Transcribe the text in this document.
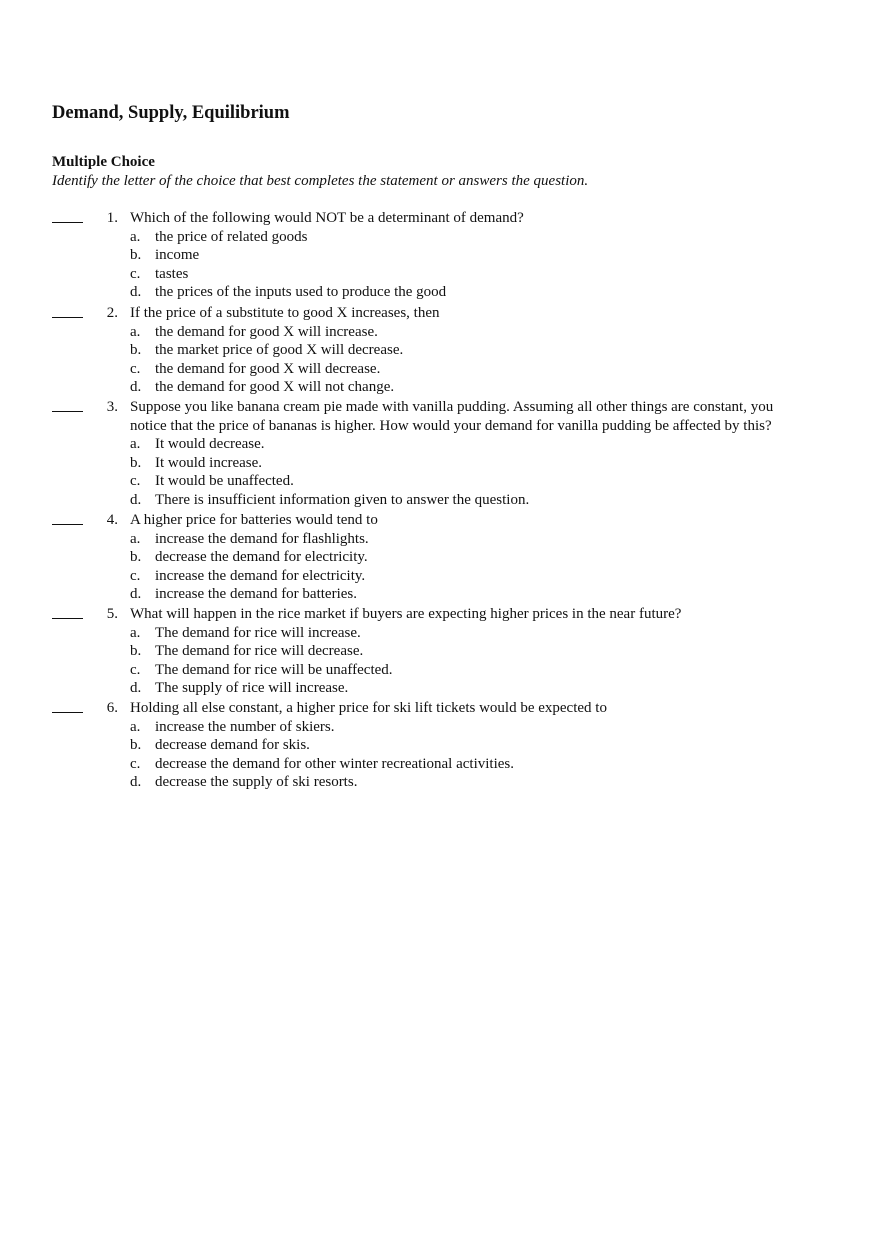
Demand, Supply, Equilibrium
Multiple Choice
Identify the letter of the choice that best completes the statement or answers the question.
1. Which of the following would NOT be a determinant of demand?
a. the price of related goods
b. income
c. tastes
d. the prices of the inputs used to produce the good
2. If the price of a substitute to good X increases, then
a. the demand for good X will increase.
b. the market price of good X will decrease.
c. the demand for good X will decrease.
d. the demand for good X will not change.
3. Suppose you like banana cream pie made with vanilla pudding. Assuming all other things are constant, you
notice that the price of bananas is higher. How would your demand for vanilla pudding be affected by this?
a. It would decrease.
b. It would increase.
c. It would be unaffected.
d. There is insufficient information given to answer the question.
4. A higher price for batteries would tend to
a. increase the demand for flashlights.
b. decrease the demand for electricity.
c. increase the demand for electricity.
d. increase the demand for batteries.
5. What will happen in the rice market if buyers are expecting higher prices in the near future?
a. The demand for rice will increase.
b. The demand for rice will decrease.
c. The demand for rice will be unaffected.
d. The supply of rice will increase.
6. Holding all else constant, a higher price for ski lift tickets would be expected to
a. increase the number of skiers.
b. decrease demand for skis.
c. decrease the demand for other winter recreational activities.
d. decrease the supply of ski resorts.
